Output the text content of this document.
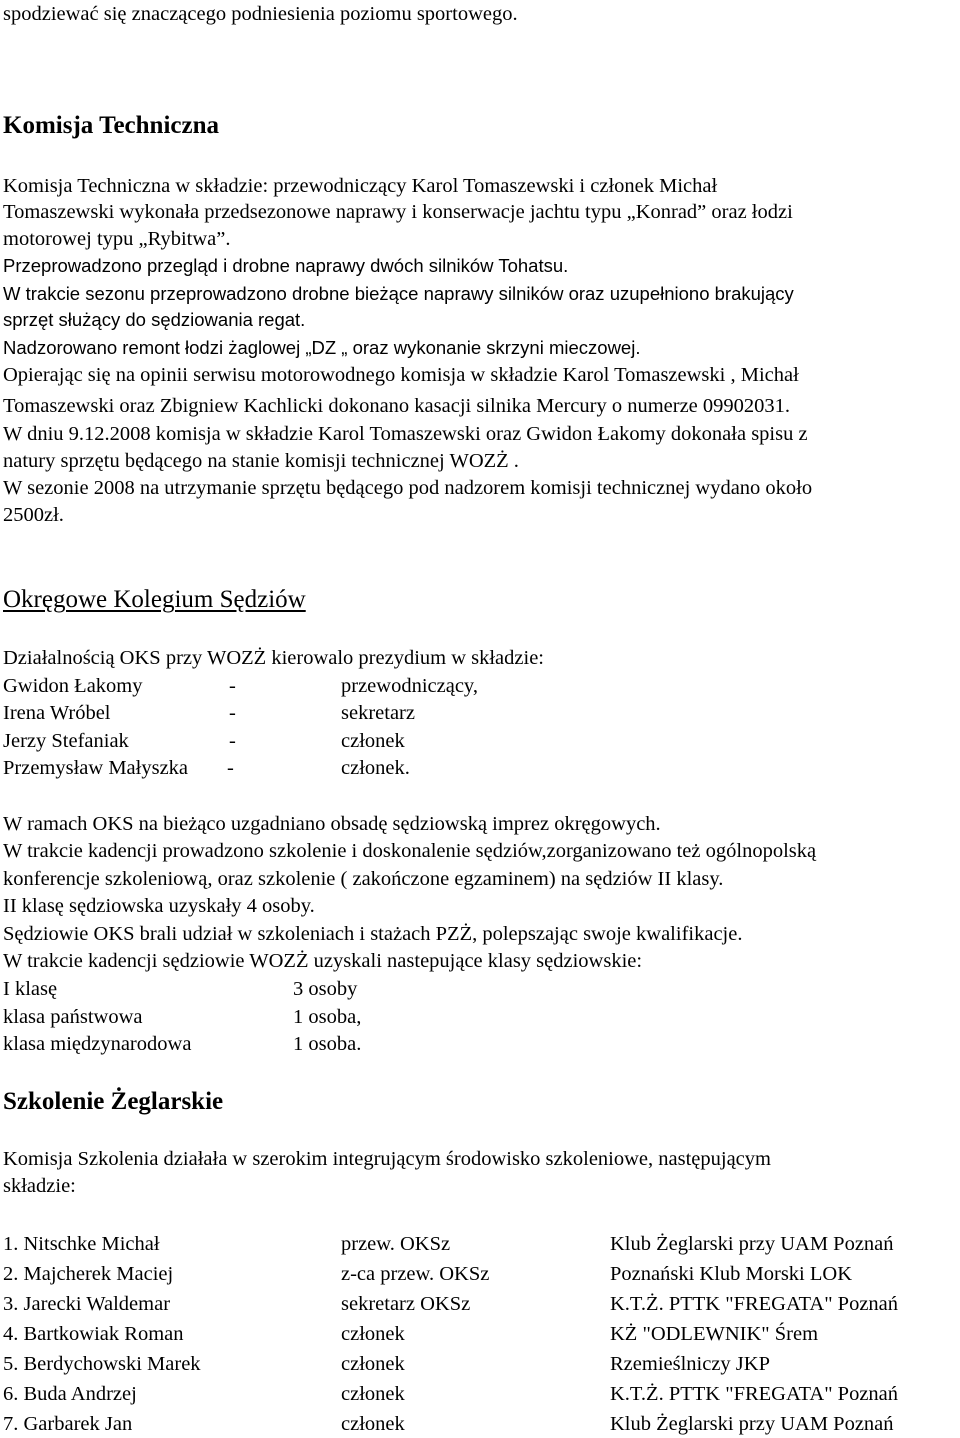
spodziewać się znaczącego podniesienia poziomu sportowego.
Komisja Techniczna
Komisja Techniczna w składzie: przewodniczący Karol Tomaszewski i członek Michał
Tomaszewski wykonała przedsezonowe naprawy i konserwacje jachtu typu „Konrad” oraz łodzi
motorowej typu „Rybitwa”.
Przeprowadzono przegląd i drobne naprawy dwóch silników Tohatsu.
W trakcie sezonu przeprowadzono drobne bieżące naprawy silników oraz uzupełniono brakujący
sprzęt służący do sędziowania regat.
Nadzorowano remont łodzi żaglowej „DZ „ oraz wykonanie skrzyni mieczowej.
Opierając się na opinii serwisu motorowodnego komisja w składzie Karol Tomaszewski , Michał
Tomaszewski oraz Zbigniew Kachlicki dokonano kasacji silnika Mercury o numerze 09902031.
W dniu 9.12.2008 komisja w składzie Karol Tomaszewski oraz Gwidon Łakomy dokonała spisu z
natury sprzętu będącego na stanie komisji technicznej WOZŻ .
W sezonie 2008 na utrzymanie sprzętu będącego pod nadzorem komisji technicznej wydano około
2500zł.
Okręgowe Kolegium Sędziów
Działalnością OKS przy WOZŻ kierowalo prezydium w składzie:
Gwidon Łakomy	-	przewodniczący,
Irena Wróbel	-	sekretarz
Jerzy Stefaniak	-	członek
Przemysław Małyszka -	członek.
W ramach OKS na bieżąco uzgadniano obsadę sędziowską imprez okręgowych.
W trakcie kadencji prowadzono szkolenie i doskonalenie sędziów,zorganizowano też ogólnopolską
konferencje szkoleniową, oraz szkolenie ( zakończone egzaminem) na sędziów II klasy.
II klasę sędziowska uzyskały 4 osoby.
Sędziowie OKS brali udział w szkoleniach i stażach PZŻ, polepszając swoje kwalifikacje.
W trakcie kadencji sędziowie WOZŻ uzyskali nastepujące klasy sędziowskie:
I klasę	3 osoby
klasa państwowa	1 osoba,
klasa międzynarodowa	1 osoba.
Szkolenie Żeglarskie
Komisja Szkolenia działała w szerokim integrującym środowisko szkoleniowe, następującym
składzie:
1. Nitschke Michał	przew. OKSz	Klub Żeglarski przy UAM Poznań
2. Majcherek Maciej	z-ca przew. OKSz	Poznański Klub Morski LOK
3. Jarecki Waldemar	sekretarz OKSz	K.T.Ż. PTTK "FREGATA" Poznań
4. Bartkowiak Roman	członek	KŻ "ODLEWNIK" Śrem
5. Berdychowski Marek	członek	Rzemieślniczy JKP
6. Buda Andrzej	członek	K.T.Ż. PTTK "FREGATA" Poznań
7. Garbarek Jan	członek	Klub Żeglarski przy UAM Poznań
